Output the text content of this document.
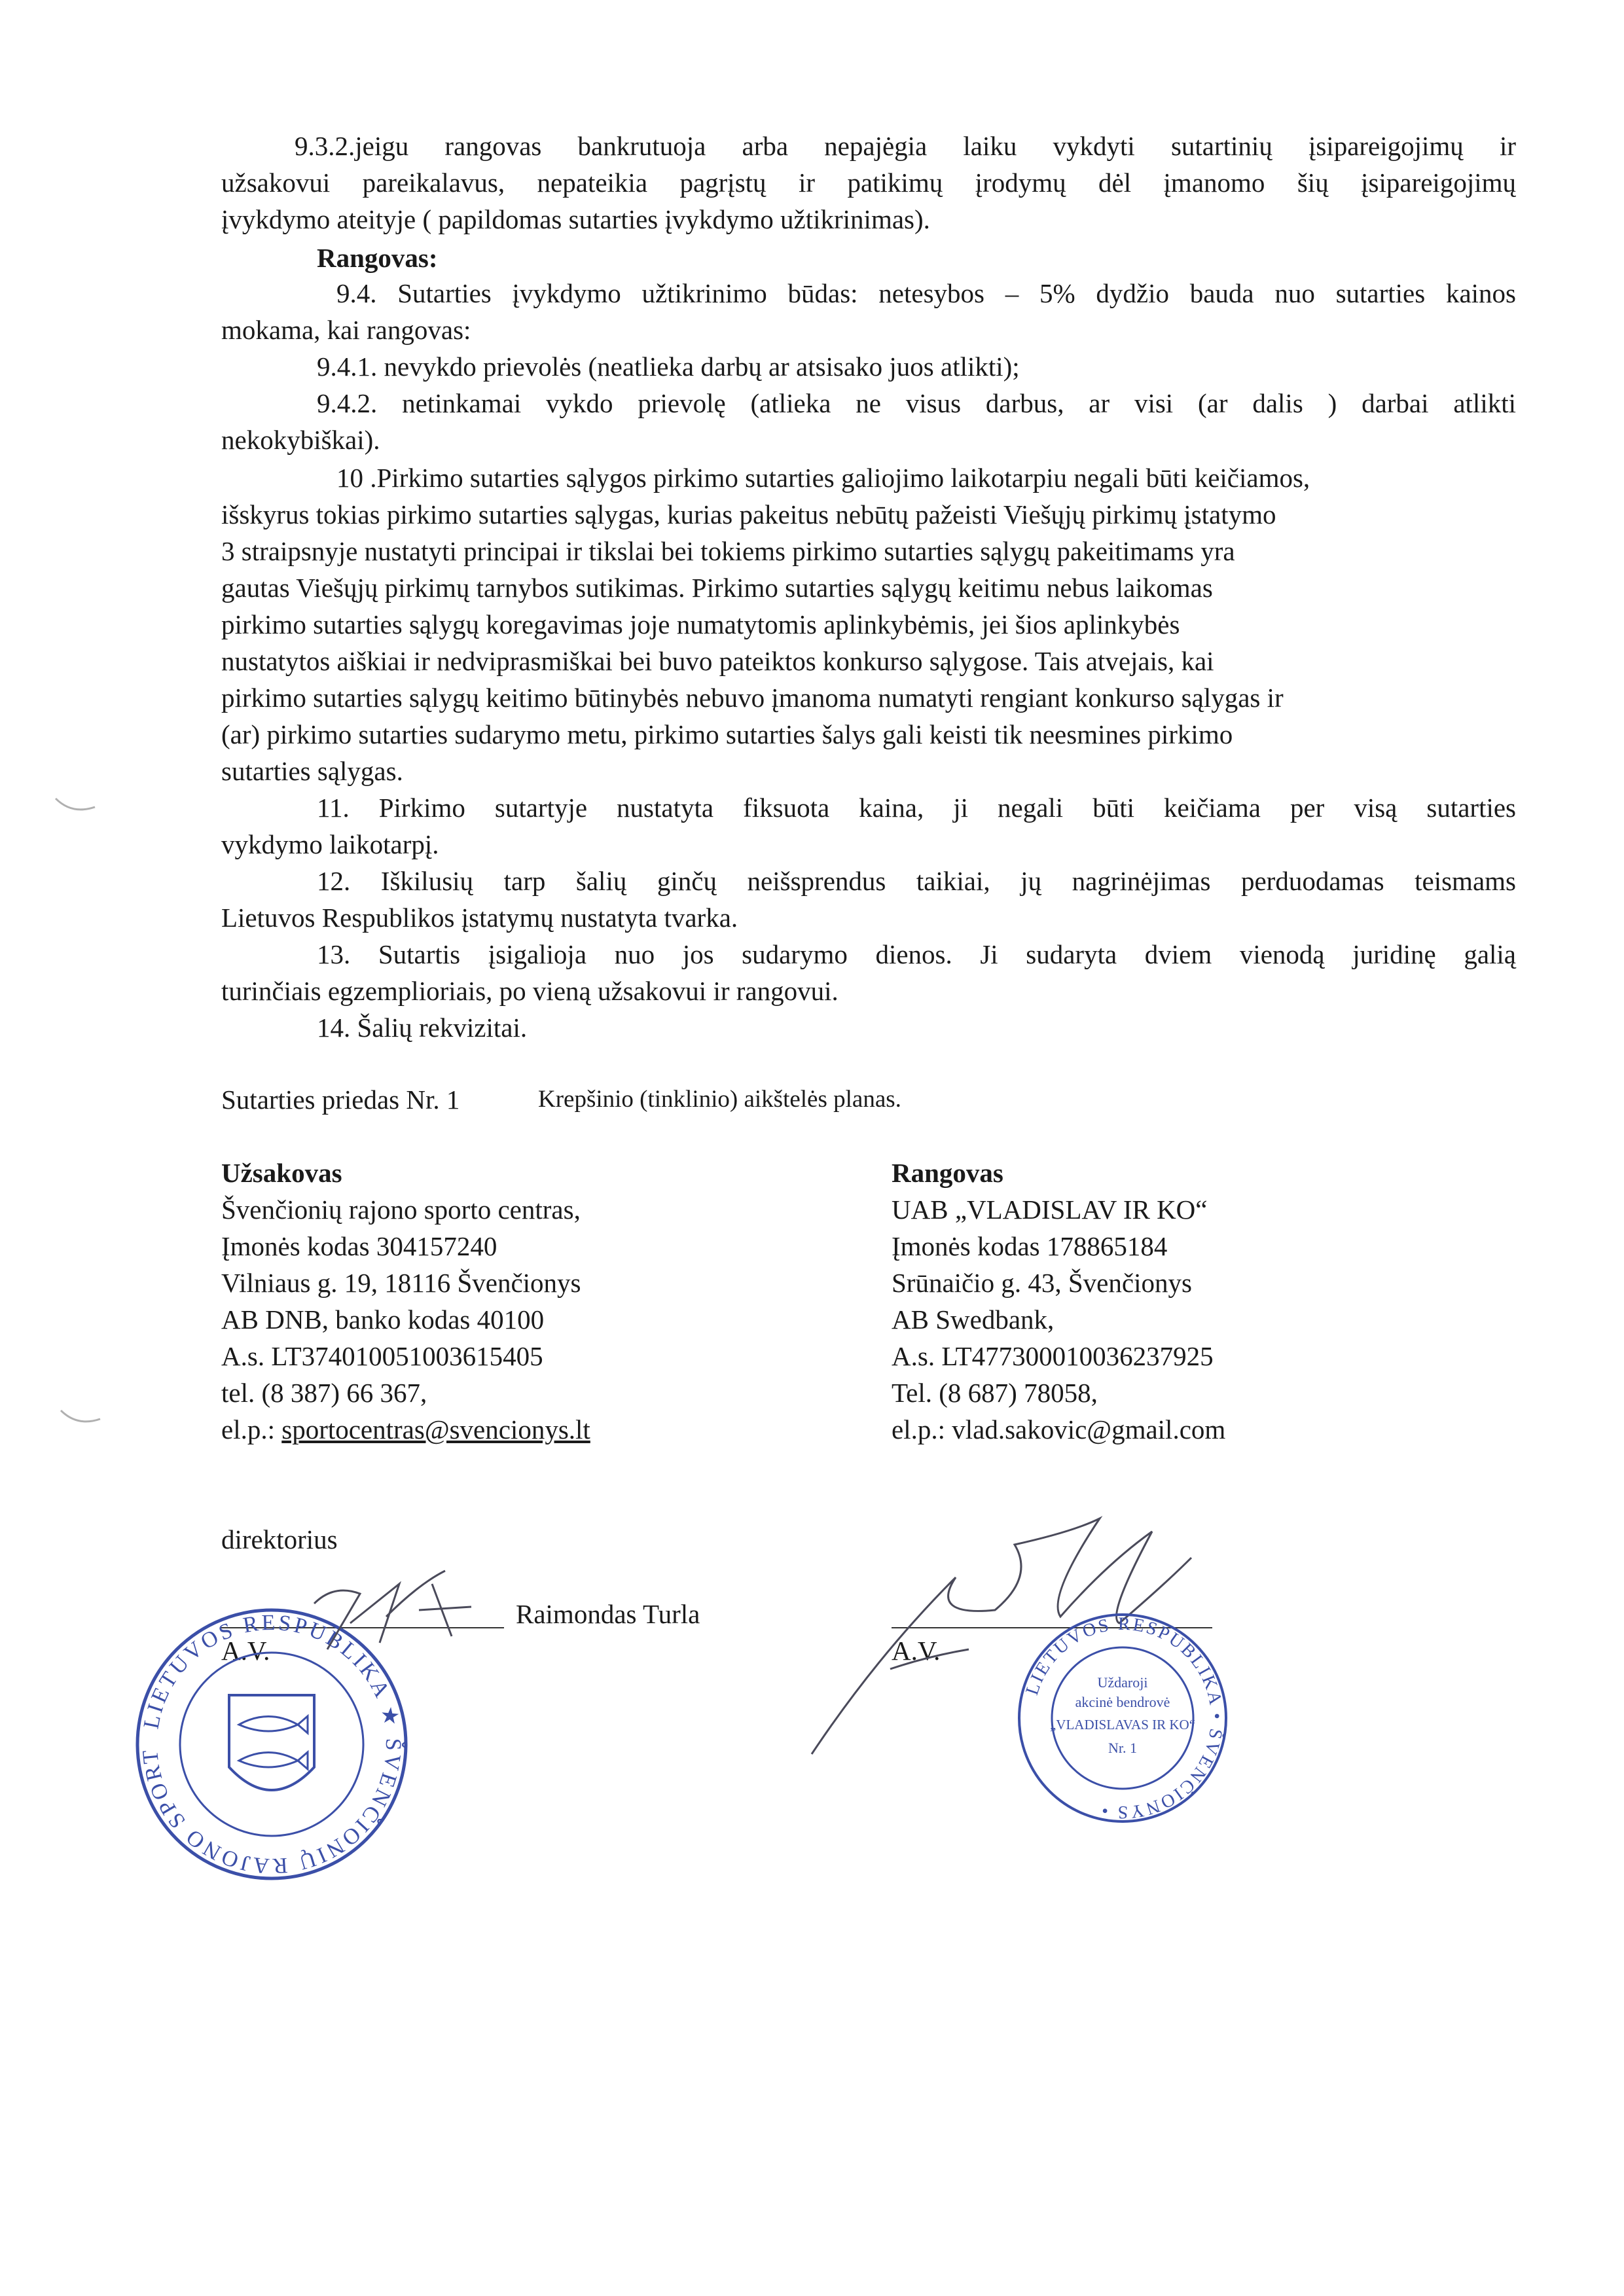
9.3.2.jeigu rangovas bankrutuoja arba nepajėgia laiku vykdyti sutartinių įsipareigojimų ir
užsakovui pareikalavus, nepateikia pagrįstų ir patikimų įrodymų dėl įmanomo šių įsipareigojimų
įvykdymo ateityje ( papildomas sutarties įvykdymo užtikrinimas).
Rangovas:
9.4. Sutarties įvykdymo užtikrinimo būdas: netesybos – 5% dydžio bauda nuo sutarties kainos
mokama, kai rangovas:
9.4.1. nevykdo prievolės (neatlieka darbų ar atsisako juos atlikti);
9.4.2. netinkamai vykdo prievolę (atlieka ne visus darbus, ar visi (ar dalis ) darbai atlikti
nekokybiškai).
10 .Pirkimo sutarties sąlygos pirkimo sutarties galiojimo laikotarpiu negali būti keičiamos,
išskyrus tokias pirkimo sutarties sąlygas, kurias pakeitus nebūtų pažeisti Viešųjų pirkimų įstatymo
3 straipsnyje nustatyti principai ir tikslai bei tokiems pirkimo sutarties sąlygų pakeitimams yra
gautas Viešųjų pirkimų tarnybos sutikimas. Pirkimo sutarties sąlygų keitimu nebus laikomas
pirkimo sutarties sąlygų koregavimas joje numatytomis aplinkybėmis, jei šios aplinkybės
nustatytos aiškiai ir nedviprasmiškai bei buvo pateiktos konkurso sąlygose. Tais atvejais, kai
pirkimo sutarties sąlygų keitimo būtinybės nebuvo įmanoma numatyti rengiant konkurso sąlygas ir
(ar) pirkimo sutarties sudarymo metu, pirkimo sutarties šalys gali keisti tik neesmines pirkimo
sutarties sąlygas.
11. Pirkimo sutartyje nustatyta fiksuota kaina, ji negali būti keičiama per visą sutarties
vykdymo laikotarpį.
12. Iškilusių tarp šalių ginčų neišsprendus taikiai, jų nagrinėjimas perduodamas teismams
Lietuvos Respublikos įstatymų nustatyta tvarka.
13. Sutartis įsigalioja nuo jos sudarymo dienos. Ji sudaryta dviem vienodą juridinę galią
turinčiais egzemplioriais, po vieną užsakovui ir rangovui.
14. Šalių rekvizitai.
Sutarties priedas Nr. 1	Krepšinio (tinklinio) aikštelės planas.
Užsakovas
Švenčionių rajono sporto centras,
Įmonės kodas 304157240
Vilniaus g. 19, 18116 Švenčionys
AB DNB, banko kodas 40100
A.s. LT374010051003615405
tel. (8 387) 66 367,
el.p.: sportocentras@svencionys.lt
Rangovas
UAB „VLADISLAV IR KO“
Įmonės kodas 178865184
Srūnaičio g. 43, Švenčionys
AB Swedbank,
A.s. LT477300010036237925
Tel. (8 687) 78058,
el.p.: vlad.sakovic@gmail.com
direktorius
Raimondas Turla
A.V.
LIETUVOS RESPUBLIKA ★ ŠVENČIONIŲ RAJONO SPORTO CENTRAS ★
A.V.
LIETUVOS RESPUBLIKA • ŠVENČIONYS •
Uždaroji
akcinė bendrovė
„VLADISLAVAS IR KO“
Nr. 1
